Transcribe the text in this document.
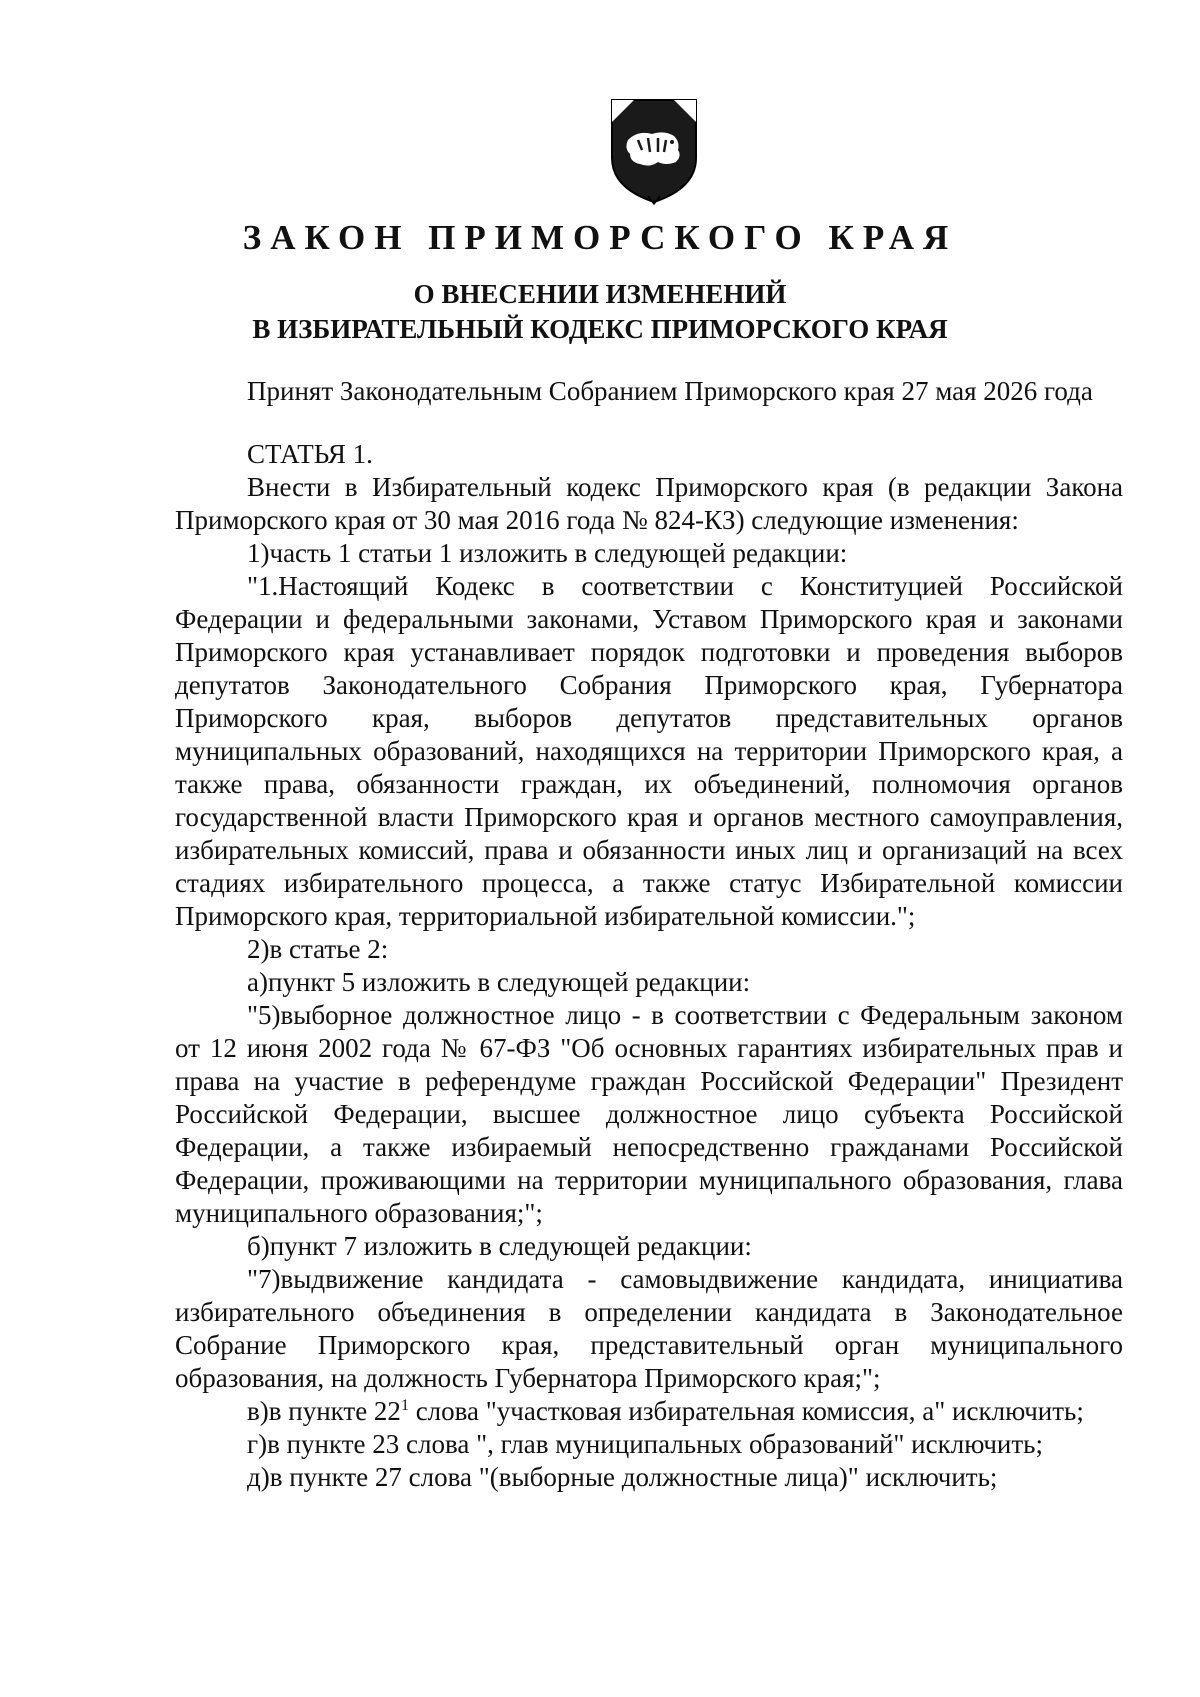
ЗАКОН ПРИМОРСКОГО КРАЯ
О ВНЕСЕНИИ ИЗМЕНЕНИЙ
В ИЗБИРАТЕЛЬНЫЙ КОДЕКС ПРИМОРСКОГО КРАЯ

Принят Законодательным Собранием Приморского края 27 мая 2026 года

СТАТЬЯ 1.

Внести в Избирательный кодекс Приморского края (в редакции Закона Приморского края от 30 мая 2016 года № 824-КЗ) следующие изменения:

1)часть 1 статьи 1 изложить в следующей редакции:

"1.Настоящий Кодекс в соответствии с Конституцией Российской Федерации и федеральными законами, Уставом Приморского края и законами Приморского края устанавливает порядок подготовки и проведения выборов депутатов Законодательного Собрания Приморского края, Губернатора Приморского края, выборов депутатов представительных органов муниципальных образований, находящихся на территории Приморского края, а также права, обязанности граждан, их объединений, полномочия органов государственной власти Приморского края и органов местного самоуправления, избирательных комиссий, права и обязанности иных лиц и организаций на всех стадиях избирательного процесса, а также статус Избирательной комиссии Приморского края, территориальной избирательной комиссии.";

2)в статье 2:

а)пункт 5 изложить в следующей редакции:

"5)выборное должностное лицо - в соответствии с Федеральным законом от 12 июня 2002 года № 67-ФЗ "Об основных гарантиях избирательных прав и права на участие в референдуме граждан Российской Федерации" Президент Российской Федерации, высшее должностное лицо субъекта Российской Федерации, а также избираемый непосредственно гражданами Российской Федерации, проживающими на территории муниципального образования, глава муниципального образования;";

б)пункт 7 изложить в следующей редакции:

"7)выдвижение кандидата - самовыдвижение кандидата, инициатива избирательного объединения в определении кандидата в Законодательное Собрание Приморского края, представительный орган муниципального образования, на должность Губернатора Приморского края;";

в)в пункте $22^1$ слова "участковая избирательная комиссия, а" исключить;

г)в пункте 23 слова ", глав муниципальных образований" исключить;

д)в пункте 27 слова "(выборные должностные лица)" исключить;
